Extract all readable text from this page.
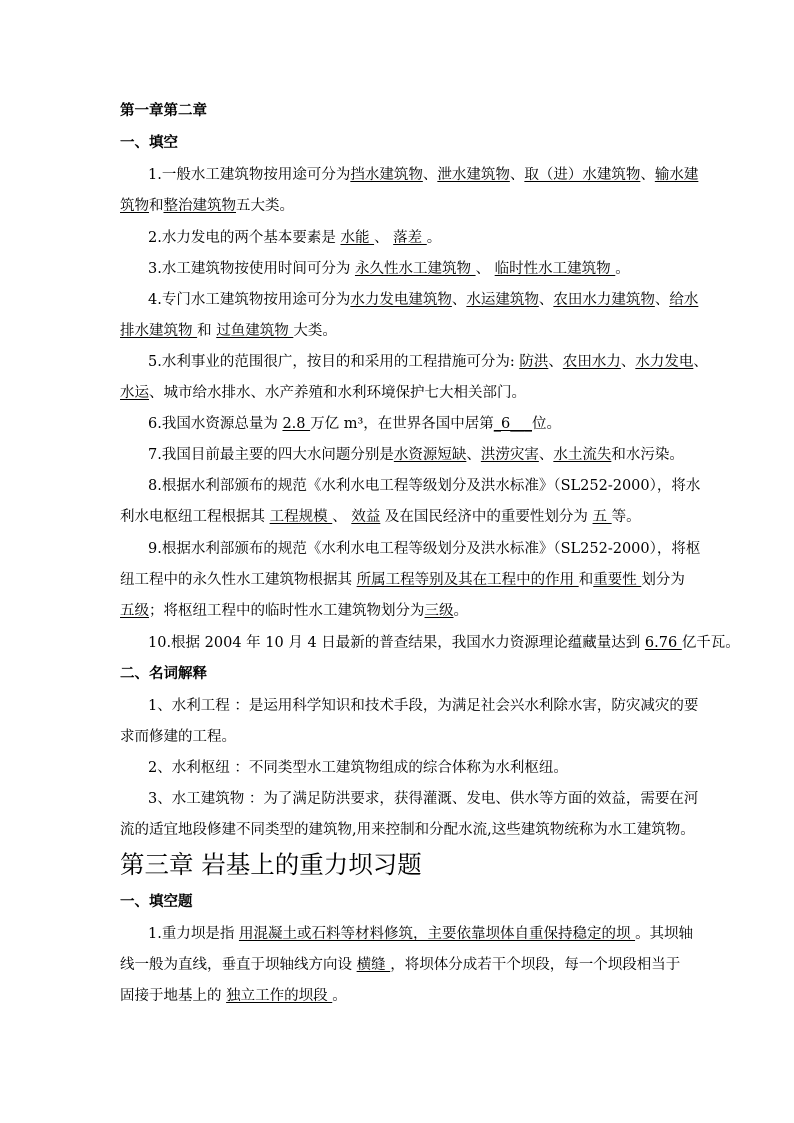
第一章第二章
一、填空
1.一般水工建筑物按用途可分为挡水建筑物、泄水建筑物、取（进）水建筑物、输水建
筑物和整治建筑物五大类。
2.水力发电的两个基本要素是 水能 、 落差 。
3.水工建筑物按使用时间可分为 永久性水工建筑物 、 临时性水工建筑物 。
4.专门水工建筑物按用途可分为水力发电建筑物、水运建筑物、农田水力建筑物、给水
排水建筑物 和 过鱼建筑物 大类。
5.水利事业的范围很广，按目的和采用的工程措施可分为: 防洪、农田水力、水力发电、
水运、城市给水排水、水产养殖和水利环境保护七大相关部门。
6.我国水资源总量为 2.8 万亿 m³，在世界各国中居第_6___位。
7.我国目前最主要的四大水问题分别是水资源短缺、洪涝灾害、水土流失和水污染。
8.根据水利部颁布的规范《水利水电工程等级划分及洪水标准》（SL252-2000），将水
利水电枢纽工程根据其 工程规模 、 效益 及在国民经济中的重要性划分为 五 等。
9.根据水利部颁布的规范《水利水电工程等级划分及洪水标准》（SL252-2000），将枢
纽工程中的永久性水工建筑物根据其 所属工程等别及其在工程中的作用 和重要性 划分为
五级；将枢纽工程中的临时性水工建筑物划分为三级。
10.根据 2004 年 10 月 4 日最新的普查结果，我国水力资源理论蕴藏量达到 6.76 亿千瓦。
二、名词解释
1、水利工程 ：是运用科学知识和技术手段，为满足社会兴水利除水害，防灾减灾的要
求而修建的工程。
2、水利枢纽 ：不同类型水工建筑物组成的综合体称为水利枢纽。
3、水工建筑物 ：为了满足防洪要求，获得灌溉、发电、供水等方面的效益，需要在河
流的适宜地段修建不同类型的建筑物,用来控制和分配水流,这些建筑物统称为水工建筑物。
第三章 岩基上的重力坝习题
一、填空题
1.重力坝是指 用混凝土或石料等材料修筑，主要依靠坝体自重保持稳定的坝 。其坝轴
线一般为直线，垂直于坝轴线方向设 横缝 ，将坝体分成若干个坝段，每一个坝段相当于
固接于地基上的 独立工作的坝段 。
